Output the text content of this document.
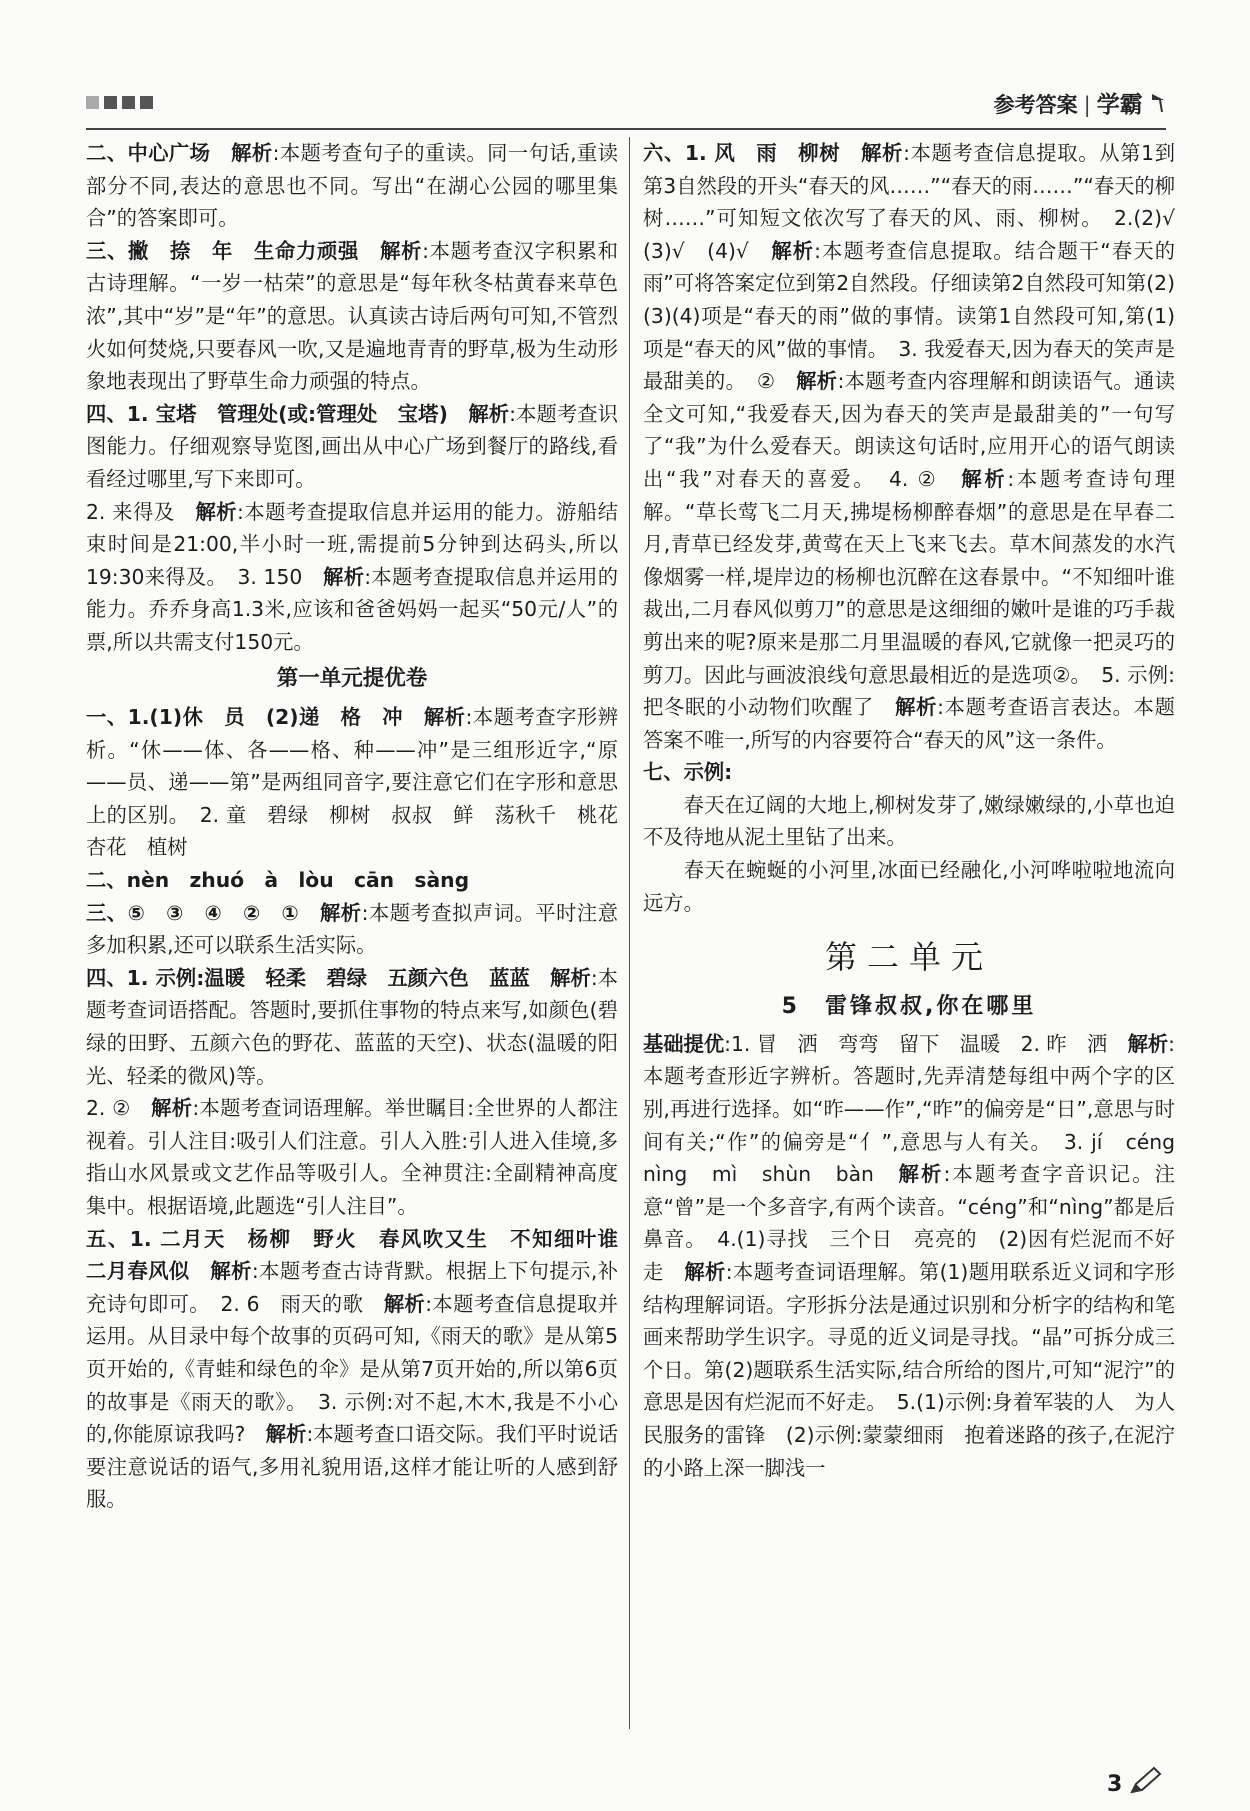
参考答案 | 学霸

二、中心广场　解析:本题考查句子的重读。同一句话,重读部分不同,表达的意思也不同。写出“在湖心公园的哪里集合”的答案即可。

三、撇　捺　年　生命力顽强　解析:本题考查汉字积累和古诗理解。“一岁一枯荣”的意思是“每年秋冬枯黄春来草色浓”,其中“岁”是“年”的意思。认真读古诗后两句可知,不管烈火如何焚烧,只要春风一吹,又是遍地青青的野草,极为生动形象地表现出了野草生命力顽强的特点。

四、1. 宝塔　管理处(或:管理处　宝塔)　解析:本题考查识图能力。仔细观察导览图,画出从中心广场到餐厅的路线,看看经过哪里,写下来即可。

2. 来得及　解析:本题考查提取信息并运用的能力。游船结束时间是21:00,半小时一班,需提前5分钟到达码头,所以19:30来得及。　3. 150　解析:本题考查提取信息并运用的能力。乔乔身高1.3米,应该和爸爸妈妈一起买“50元/人”的票,所以共需支付150元。

第一单元提优卷

一、1.(1)休　员　(2)递　格　冲　解析:本题考查字形辨析。“休——体、各——格、种——冲”是三组形近字,“原——员、递——第”是两组同音字,要注意它们在字形和意思上的区别。　2. 童　碧绿　柳树　叔叔　鲜　荡秋千　桃花　杏花　植树

二、nèn　zhuó　à　lòu　cān　sàng

三、⑤　③　④　②　①　解析:本题考查拟声词。平时注意多加积累,还可以联系生活实际。

四、1. 示例:温暖　轻柔　碧绿　五颜六色　蓝蓝　解析:本题考查词语搭配。答题时,要抓住事物的特点来写,如颜色(碧绿的田野、五颜六色的野花、蓝蓝的天空)、状态(温暖的阳光、轻柔的微风)等。

2. ②　解析:本题考查词语理解。举世瞩目:全世界的人都注视着。引人注目:吸引人们注意。引人入胜:引人进入佳境,多指山水风景或文艺作品等吸引人。全神贯注:全副精神高度集中。根据语境,此题选“引人注目”。

五、1. 二月天　杨柳　野火　春风吹又生　不知细叶谁　二月春风似　解析:本题考查古诗背默。根据上下句提示,补充诗句即可。　2. 6　雨天的歌　解析:本题考查信息提取并运用。从目录中每个故事的页码可知,《雨天的歌》是从第5页开始的,《青蛙和绿色的伞》是从第7页开始的,所以第6页的故事是《雨天的歌》。　3. 示例:对不起,木木,我是不小心的,你能原谅我吗?　解析:本题考查口语交际。我们平时说话要注意说话的语气,多用礼貌用语,这样才能让听的人感到舒服。

六、1. 风　雨　柳树　解析:本题考查信息提取。从第1到第3自然段的开头“春天的风……”“春天的雨……”“春天的柳树……”可知短文依次写了春天的风、雨、柳树。　2.(2)√　(3)√　(4)√　解析:本题考查信息提取。结合题干“春天的雨”可将答案定位到第2自然段。仔细读第2自然段可知第(2)(3)(4)项是“春天的雨”做的事情。读第1自然段可知,第(1)项是“春天的风”做的事情。　3. 我爱春天,因为春天的笑声是最甜美的。　②　解析:本题考查内容理解和朗读语气。通读全文可知,“我爱春天,因为春天的笑声是最甜美的”一句写了“我”为什么爱春天。朗读这句话时,应用开心的语气朗读出“我”对春天的喜爱。　4. ②　解析:本题考查诗句理解。“草长莺飞二月天,拂堤杨柳醉春烟”的意思是在早春二月,青草已经发芽,黄莺在天上飞来飞去。草木间蒸发的水汽像烟雾一样,堤岸边的杨柳也沉醉在这春景中。“不知细叶谁裁出,二月春风似剪刀”的意思是这细细的嫩叶是谁的巧手裁剪出来的呢?原来是那二月里温暖的春风,它就像一把灵巧的剪刀。因此与画波浪线句意思最相近的是选项②。　5. 示例:把冬眠的小动物们吹醒了　解析:本题考查语言表达。本题答案不唯一,所写的内容要符合“春天的风”这一条件。

七、示例:

春天在辽阔的大地上,柳树发芽了,嫩绿嫩绿的,小草也迫不及待地从泥土里钻了出来。

春天在蜿蜒的小河里,冰面已经融化,小河哗啦啦地流向远方。

第二单元
5　雷锋叔叔,你在哪里

基础提优:1. 冒　洒　弯弯　留下　温暖　2. 昨　洒　解析:本题考查形近字辨析。答题时,先弄清楚每组中两个字的区别,再进行选择。如“昨——作”,“昨”的偏旁是“日”,意思与时间有关;“作”的偏旁是“亻”,意思与人有关。　3. jí　céng　nìng　mì　shùn　bàn　解析:本题考查字音识记。注意“曾”是一个多音字,有两个读音。“céng”和“nìng”都是后鼻音。　4.(1)寻找　三个日　亮亮的　(2)因有烂泥而不好走　解析:本题考查词语理解。第(1)题用联系近义词和字形结构理解词语。字形拆分法是通过识别和分析字的结构和笔画来帮助学生识字。寻觅的近义词是寻找。“晶”可拆分成三个日。第(2)题联系生活实际,结合所给的图片,可知“泥泞”的意思是因有烂泥而不好走。　5.(1)示例:身着军装的人　为人民服务的雷锋　(2)示例:蒙蒙细雨　抱着迷路的孩子,在泥泞的小路上深一脚浅一

3
